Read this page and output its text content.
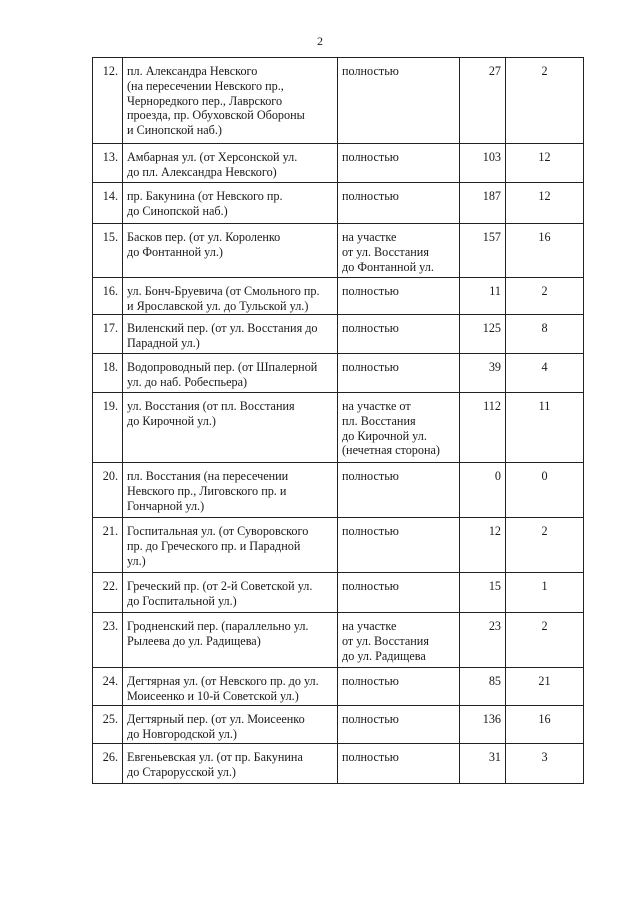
2
12.	пл. Александра Невского
(на пересечении Невского пр.,
Черноредкого пер., Лаврского
проезда, пр. Обуховской Обороны
и Синопской наб.)	полностью	27	2
13.	Амбарная ул. (от Херсонской ул.
до пл. Александра Невского)	полностью	103	12
14.	пр. Бакунина (от Невского пр.
до Синопской наб.)	полностью	187	12
15.	Басков пер. (от ул. Короленко
до Фонтанной ул.)	на участке
от ул. Восстания
до Фонтанной ул.	157	16
16.	ул. Бонч-Бруевича (от Смольного пр.
и Ярославской ул. до Тульской ул.)	полностью	11	2
17.	Виленский пер. (от ул. Восстания до
Парадной ул.)	полностью	125	8
18.	Водопроводный пер. (от Шпалерной
ул. до наб. Робеспьера)	полностью	39	4
19.	ул. Восстания (от пл. Восстания
до Кирочной ул.)	на участке от
пл. Восстания
до Кирочной ул.
(нечетная сторона)	112	11
20.	пл. Восстания (на пересечении
Невского пр., Лиговского пр. и
Гончарной ул.)	полностью	0	0
21.	Госпитальная ул. (от Суворовского
пр. до Греческого пр. и Парадной
ул.)	полностью	12	2
22.	Греческий пр. (от 2-й Советской ул.
до Госпитальной ул.)	полностью	15	1
23.	Гродненский пер. (параллельно ул.
Рылеева до ул. Радищева)	на участке
от ул. Восстания
до ул. Радищева	23	2
24.	Дегтярная ул. (от Невского пр. до ул.
Моисеенко и 10-й Советской ул.)	полностью	85	21
25.	Дегтярный пер. (от ул. Моисеенко
до Новгородской ул.)	полностью	136	16
26.	Евгеньевская ул. (от пр. Бакунина
до Старорусской ул.)	полностью	31	3
